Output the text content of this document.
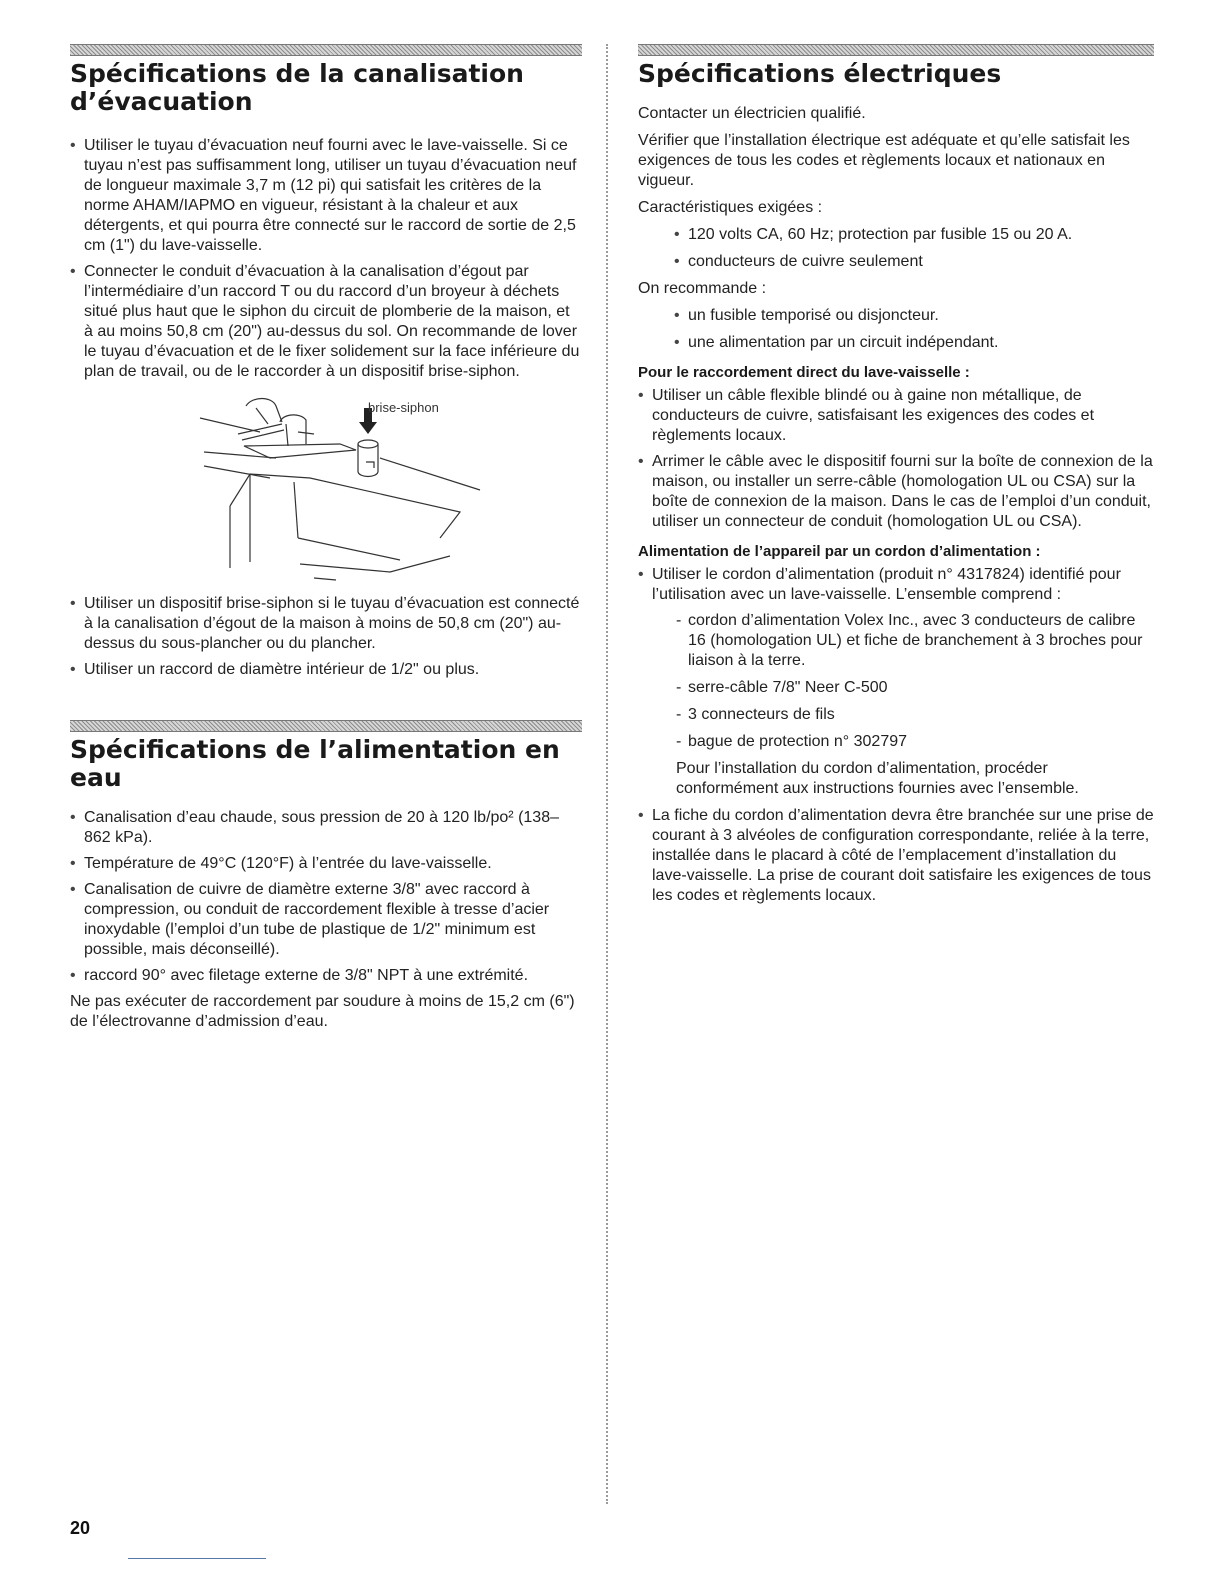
Spécifications de la canalisation d’évacuation
• Utiliser le tuyau d’évacuation neuf fourni avec le lave-vaisselle. Si ce tuyau n’est pas suffisamment long, utiliser un tuyau d’évacuation neuf de longueur maximale 3,7 m (12 pi) qui satisfait les critères de la norme AHAM/IAPMO en vigueur, résistant à la chaleur et aux détergents, et qui pourra être connecté sur le raccord de sortie de 2,5 cm (1") du lave-vaisselle.
• Connecter le conduit d’évacuation à la canalisation d’égout par l’intermédiaire d’un raccord T ou du raccord d’un broyeur à déchets situé plus haut que le siphon du circuit de plomberie de la maison, et à au moins 50,8 cm (20") au-dessus du sol. On recommande de lover le tuyau d’évacuation et de le fixer solidement sur la face inférieure du plan de travail, ou de le raccorder à un dispositif brise-siphon.
brise-siphon
• Utiliser un dispositif brise-siphon si le tuyau d’évacuation est connecté à la canalisation d’égout de la maison à moins de 50,8 cm (20") au-dessus du sous-plancher ou du plancher.
• Utiliser un raccord de diamètre intérieur de 1/2" ou plus.
Spécifications de l’alimentation en eau
• Canalisation d’eau chaude, sous pression de 20 à 120 lb/po² (138–862 kPa).
• Température de 49°C (120°F) à l’entrée du lave-vaisselle.
• Canalisation de cuivre de diamètre externe 3/8" avec raccord à compression, ou conduit de raccordement flexible à tresse d’acier inoxydable (l’emploi d’un tube de plastique de 1/2" minimum est possible, mais déconseillé).
• raccord 90° avec filetage externe de 3/8" NPT à une extrémité.

Ne pas exécuter de raccordement par soudure à moins de 15,2 cm (6") de l’électrovanne d’admission d’eau.

Spécifications électriques

Contacter un électricien qualifié.

Vérifier que l’installation électrique est adéquate et qu’elle satisfait les exigences de tous les codes et règlements locaux et nationaux en vigueur.

Caractéristiques exigées :

• 120 volts CA, 60 Hz; protection par fusible 15 ou 20 A.
• conducteurs de cuivre seulement

On recommande :

• un fusible temporisé ou disjoncteur.
• une alimentation par un circuit indépendant.
Pour le raccordement direct du lave-vaisselle :
• Utiliser un câble flexible blindé ou à gaine non métallique, de conducteurs de cuivre, satisfaisant les exigences des codes et règlements locaux.
• Arrimer le câble avec le dispositif fourni sur la boîte de connexion de la maison, ou installer un serre-câble (homologation UL ou CSA) sur la boîte de connexion de la maison. Dans le cas de l’emploi d’un conduit, utiliser un connecteur de conduit (homologation UL ou CSA).
Alimentation de l’appareil par un cordon d’alimentation :
• Utiliser le cordon d’alimentation (produit n° 4317824) identifié pour l’utilisation avec un lave-vaisselle. L’ensemble comprend :
- cordon d’alimentation Volex Inc., avec 3 conducteurs de calibre 16 (homologation UL) et fiche de branchement à 3 broches pour liaison à la terre.
- serre-câble 7/8" Neer C-500
- 3 connecteurs de fils
- bague de protection n° 302797
Pour l’installation du cordon d’alimentation, procéder conformément aux instructions fournies avec l’ensemble.
• La fiche du cordon d’alimentation devra être branchée sur une prise de courant à 3 alvéoles de configuration correspondante, reliée à la terre, installée dans le placard à côté de l’emplacement d’installation du lave-vaisselle. La prise de courant doit satisfaire les exigences de tous les codes et règlements locaux.
20
